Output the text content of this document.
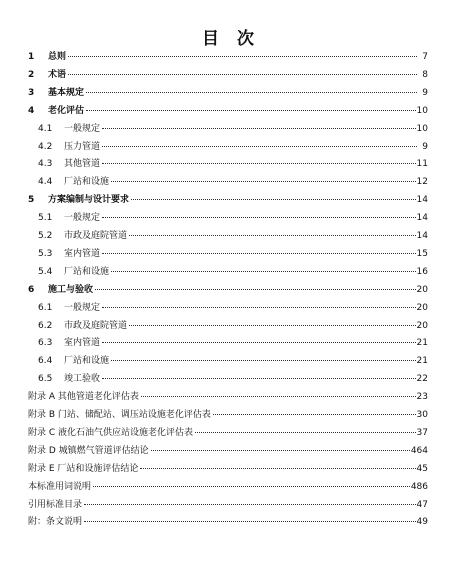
目 次
1	总则	7
2	术语	8
3	基本规定	9
4	老化评估	10
4.1	一般规定	10
4.2	压力管道	9
4.3	其他管道	11
4.4	厂站和设施	12
5	方案编制与设计要求	14
5.1	一般规定	14
5.2	市政及庭院管道	14
5.3	室内管道	15
5.4	厂站和设施	16
6	施工与验收	20
6.1	一般规定	20
6.2	市政及庭院管道	20
6.3	室内管道	21
6.4	厂站和设施	21
6.5	竣工验收	22
附录 A 其他管道老化评估表	23
附录 B 门站、储配站、调压站设施老化评估表	30
附录 C 液化石油气供应站设施老化评估表	37
附录 D 城镇燃气管道评估结论	464
附录 E 厂站和设施评估结论	45
本标准用词说明	486
引用标准目录	47
附：条文说明	49
